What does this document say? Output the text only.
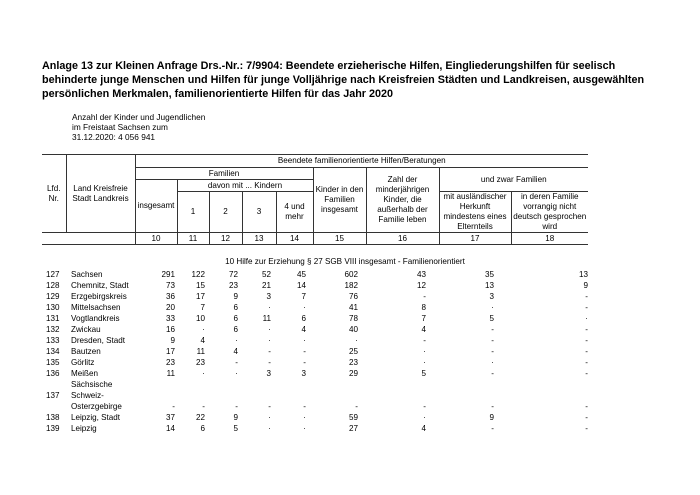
Anlage 13 zur Kleinen Anfrage Drs.-Nr.: 7/9904: Beendete erzieherische Hilfen, Eingliederungshilfen für seelisch behinderte junge Menschen und Hilfen für junge Volljährige nach Kreisfreien Städten und Landkreisen, ausgewählten persönlichen Merkmalen, familienorientierte Hilfen für das Jahr 2020
Anzahl der Kinder und Jugendlichen
im Freistaat Sachsen zum
31.12.2020: 4 056 941
Lfd. Nr.	Land Kreisfreie Stadt Landkreis	Beendete familienorientierte Hilfen/Beratungen								
		Familien					Kinder in den Familien insgesamt	Zahl der minderjährigen Kinder, die außerhalb der Familie leben	und zwar Familien	
		insgesamt	davon mit ... Kindern							
			1	2	3	4 und mehr			mit ausländischer Herkunft mindestens eines Elternteils	in deren Familie vorrangig nicht deutsch gesprochen wird
		10	11	12	13	14	15	16	17	18

10 Hilfe zur Erziehung § 27 SGB VIII insgesamt - Familienorientiert										
127	Sachsen	291	122	72	52	45	602	43	35	13
128	Chemnitz, Stadt	73	15	23	21	14	182	12	13	9
129	Erzgebirgskreis	36	17	9	3	7	76	-	3	-
130	Mittelsachsen	20	7	6	·	·	41	8	·	-
131	Vogtlandkreis	33	10	6	11	6	78	7	5	·
132	Zwickau	16	·	6	·	4	40	4	-	-
133	Dresden, Stadt	9	4	·	·	·	·	-	-	-
134	Bautzen	17	11	4	-	-	25	·	-	-
135	Görlitz	23	23	-	-	-	23	·	·	-
136	Meißen	11	·	·	3	3	29	5	-	-
	Sächsische									
137	Schweiz-									
	Osterzgebirge	-	-	-	-	-	-	-	-	-
138	Leipzig, Stadt	37	22	9	·	·	59	·	9	-
139	Leipzig	14	6	5	·	·	27	4	-	-
